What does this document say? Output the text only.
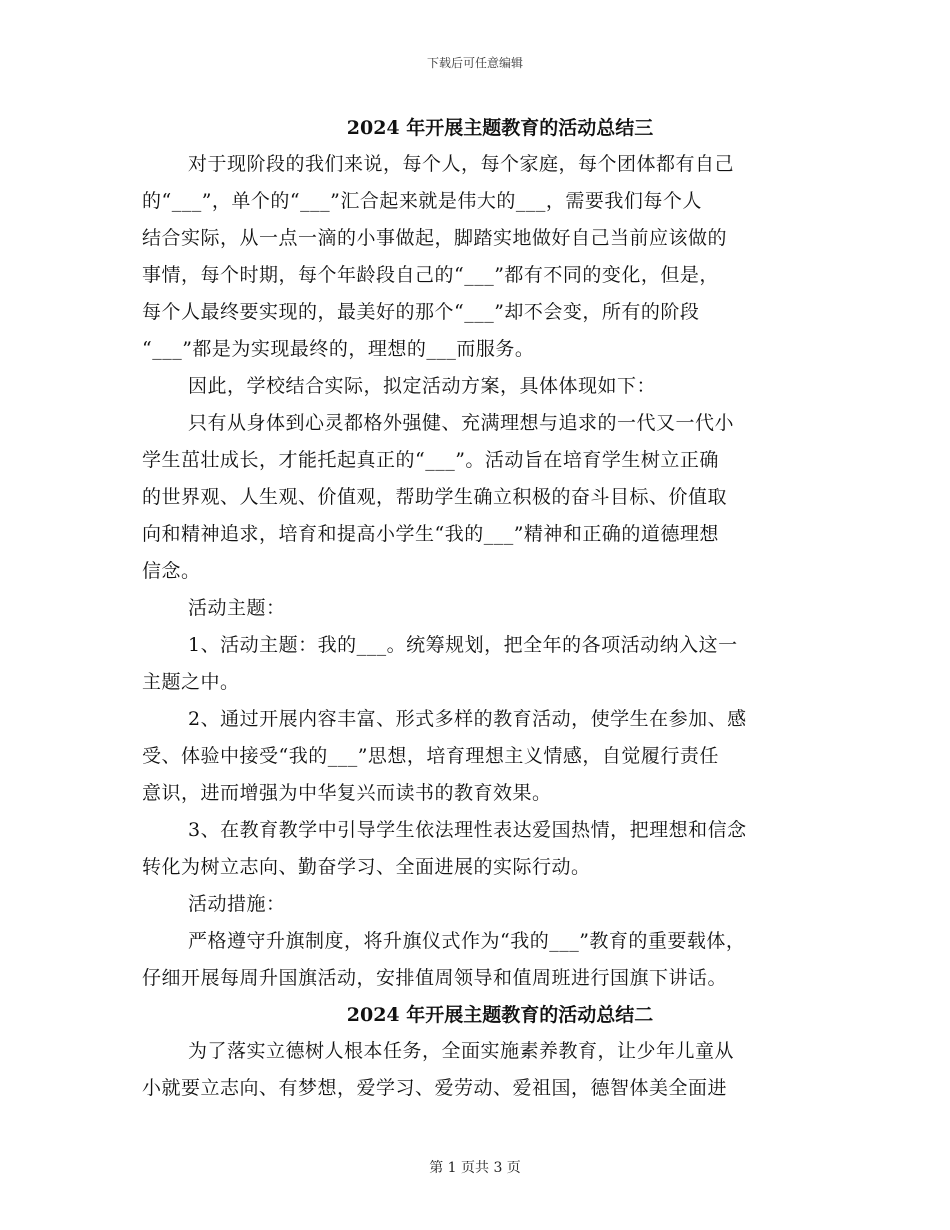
下载后可任意编辑
2024 年开展主题教育的活动总结三
对于现阶段的我们来说，每个人，每个家庭，每个团体都有自己
的“___”，单个的“___”汇合起来就是伟大的___，需要我们每个人
结合实际，从一点一滴的小事做起，脚踏实地做好自己当前应该做的
事情，每个时期，每个年龄段自己的“___”都有不同的变化，但是，
每个人最终要实现的，最美好的那个“___”却不会变，所有的阶段
“___”都是为实现最终的，理想的___而服务。
因此，学校结合实际，拟定活动方案，具体体现如下：
只有从身体到心灵都格外强健、充满理想与追求的一代又一代小
学生茁壮成长，才能托起真正的“___”。活动旨在培育学生树立正确
的世界观、人生观、价值观，帮助学生确立积极的奋斗目标、价值取
向和精神追求，培育和提高小学生“我的___”精神和正确的道德理想
信念。
活动主题：
1、活动主题：我的___。统筹规划，把全年的各项活动纳入这一
主题之中。
2、通过开展内容丰富、形式多样的教育活动，使学生在参加、感
受、体验中接受“我的___”思想，培育理想主义情感，自觉履行责任
意识，进而增强为中华复兴而读书的教育效果。
3、在教育教学中引导学生依法理性表达爱国热情，把理想和信念
转化为树立志向、勤奋学习、全面进展的实际行动。
活动措施：
严格遵守升旗制度，将升旗仪式作为“我的___”教育的重要载体，
仔细开展每周升国旗活动，安排值周领导和值周班进行国旗下讲话。
2024 年开展主题教育的活动总结二
为了落实立德树人根本任务，全面实施素养教育，让少年儿童从
小就要立志向、有梦想，爱学习、爱劳动、爱祖国，德智体美全面进
第 1 页共 3 页
